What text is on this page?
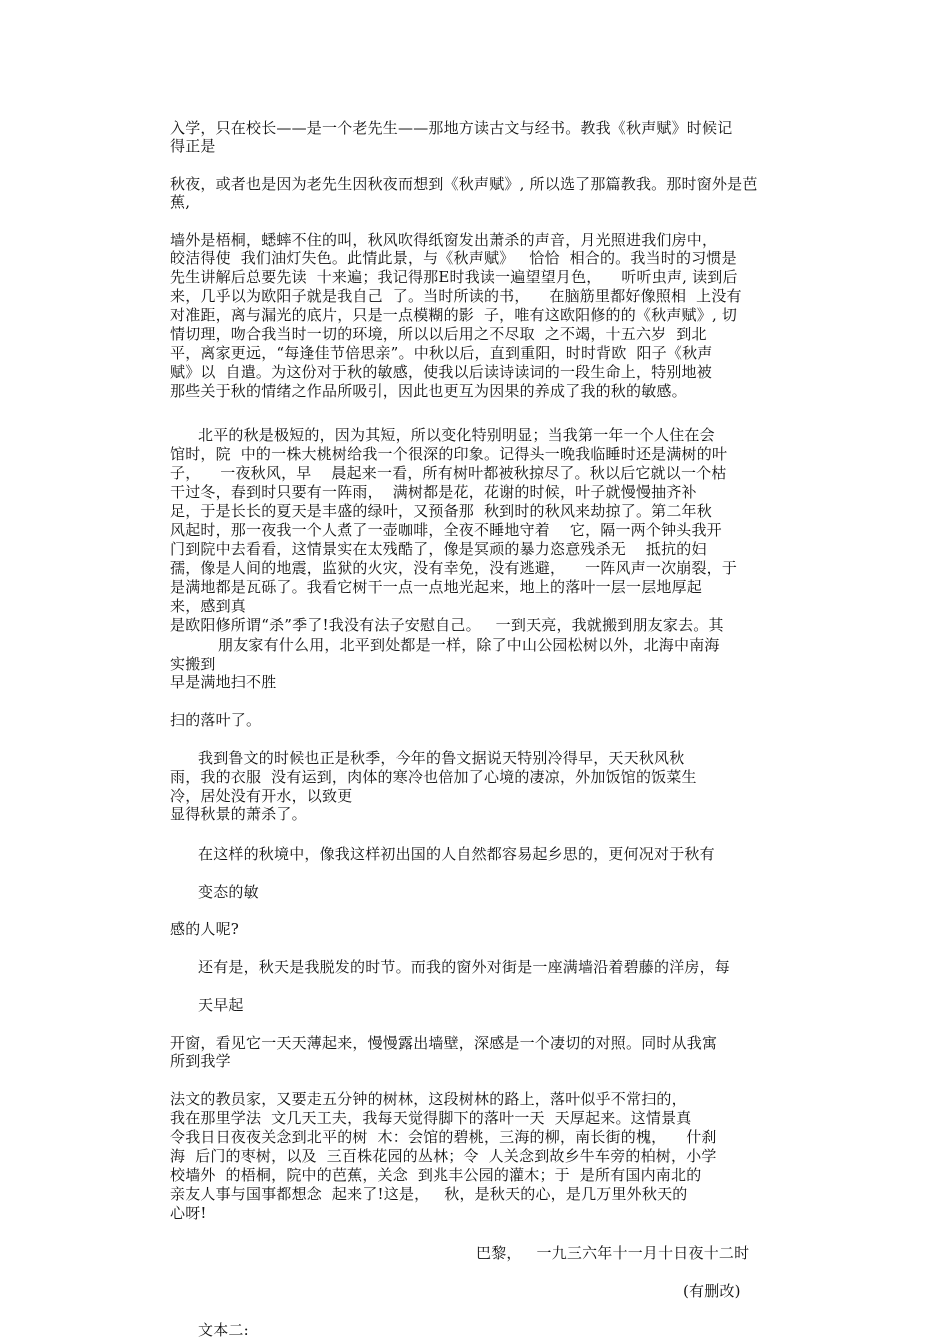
入学，只在校长——是一个老先生——那地方读古文与经书。教我《秋声赋》时候记
得正是
秋夜，或者也是因为老先生因秋夜而想到《秋声赋》, 所以选了那篇教我。那时窗外是芭
蕉,
墙外是梧桐，蟋蟀不住的叫，秋风吹得纸窗发出萧杀的声音，月光照进我们房中，
皎洁得使  我们油灯失色。此情此景，与《秋声赋》   恰恰  相合的。我当时的习惯是
先生讲解后总要先读  十来遍；我记得那E时我读一遍望望月色，    听听虫声, 读到后
来，几乎以为欧阳子就是我自己  了。当时所读的书，    在脑筋里都好像照相  上没有
对准距，离与漏光的底片，只是一点模糊的影  子，唯有这欧阳修的的《秋声赋》, 切
情切理，吻合我当时一切的环境，所以以后用之不尽取  之不竭，十五六岁  到北
平，离家更远，“每逢佳节倍思亲”。中秋以后，直到重阳，时时背欧  阳子《秋声
赋》以  自遣。为这份对于秋的敏感，使我以后读诗读词的一段生命上，特别地被
那些关于秋的情绪之作品所吸引，因此也更互为因果的养成了我的秋的敏感。
北平的秋是极短的，因为其短，所以变化特别明显；当我第一年一个人住在会
馆时，院  中的一株大桃树给我一个很深的印象。记得头一晚我临睡时还是满树的叶
子，    一夜秋风，早    晨起来一看，所有树叶都被秋掠尽了。秋以后它就以一个枯
干过冬，春到时只要有一阵雨，  满树都是花，花谢的时候，叶子就慢慢抽齐补
足，于是长长的夏天是丰盛的绿叶，又预备那  秋到时的秋风来劫掠了。第二年秋
风起时，那一夜我一个人煮了一壶咖啡，全夜不睡地守着    它，隔一两个钟头我开
门到院中去看看，这情景实在太残酷了，像是冥顽的暴力恣意残杀无    抵抗的妇
孺，像是人间的地震，监狱的火灾，没有幸免，没有逃避，    一阵风声一次崩裂，于
是满地都是瓦砾了。我看它树干一点一点地光起来，地上的落叶一层一层地厚起
来，感到真
是欧阳修所谓“杀”季了!我没有法子安慰自己。   一到天亮，我就搬到朋友家去。其
朋友家有什么用，北平到处都是一样，除了中山公园松树以外，北海中南海
实搬到
早是满地扫不胜
扫的落叶了。
我到鲁文的时候也正是秋季，今年的鲁文据说天特别冷得早，天天秋风秋
雨，我的衣服  没有运到，肉体的寒冷也倍加了心境的凄凉，外加饭馆的饭菜生
冷，居处没有开水，以致更
显得秋景的萧杀了。
在这样的秋境中，像我这样初出国的人自然都容易起乡思的，更何况对于秋有
变态的敏
感的人呢?
还有是，秋天是我脱发的时节。而我的窗外对街是一座满墙沿着碧藤的洋房，每
天早起
开窗，看见它一天天薄起来，慢慢露出墙壁，深感是一个凄切的对照。同时从我寓
所到我学
法文的教员家，又要走五分钟的树林，这段树林的路上，落叶似乎不常扫的，
我在那里学法  文几天工夫，我每天觉得脚下的落叶一天  天厚起来。这情景真
令我日日夜夜关念到北平的树  木：会馆的碧桃，三海的柳，南长街的槐，    什刹
海  后门的枣树，以及  三百株花园的丛林；令  人关念到故乡牛车旁的柏树，小学
校墙外  的梧桐，院中的芭蕉，关念  到兆丰公园的灌木；于  是所有国内南北的
亲友人事与国事都想念  起来了!这是，   秋，是秋天的心，是几万里外秋天的
心呀!
巴黎，   一九三六年十一月十日夜十二时
(有删改)
文本二:
